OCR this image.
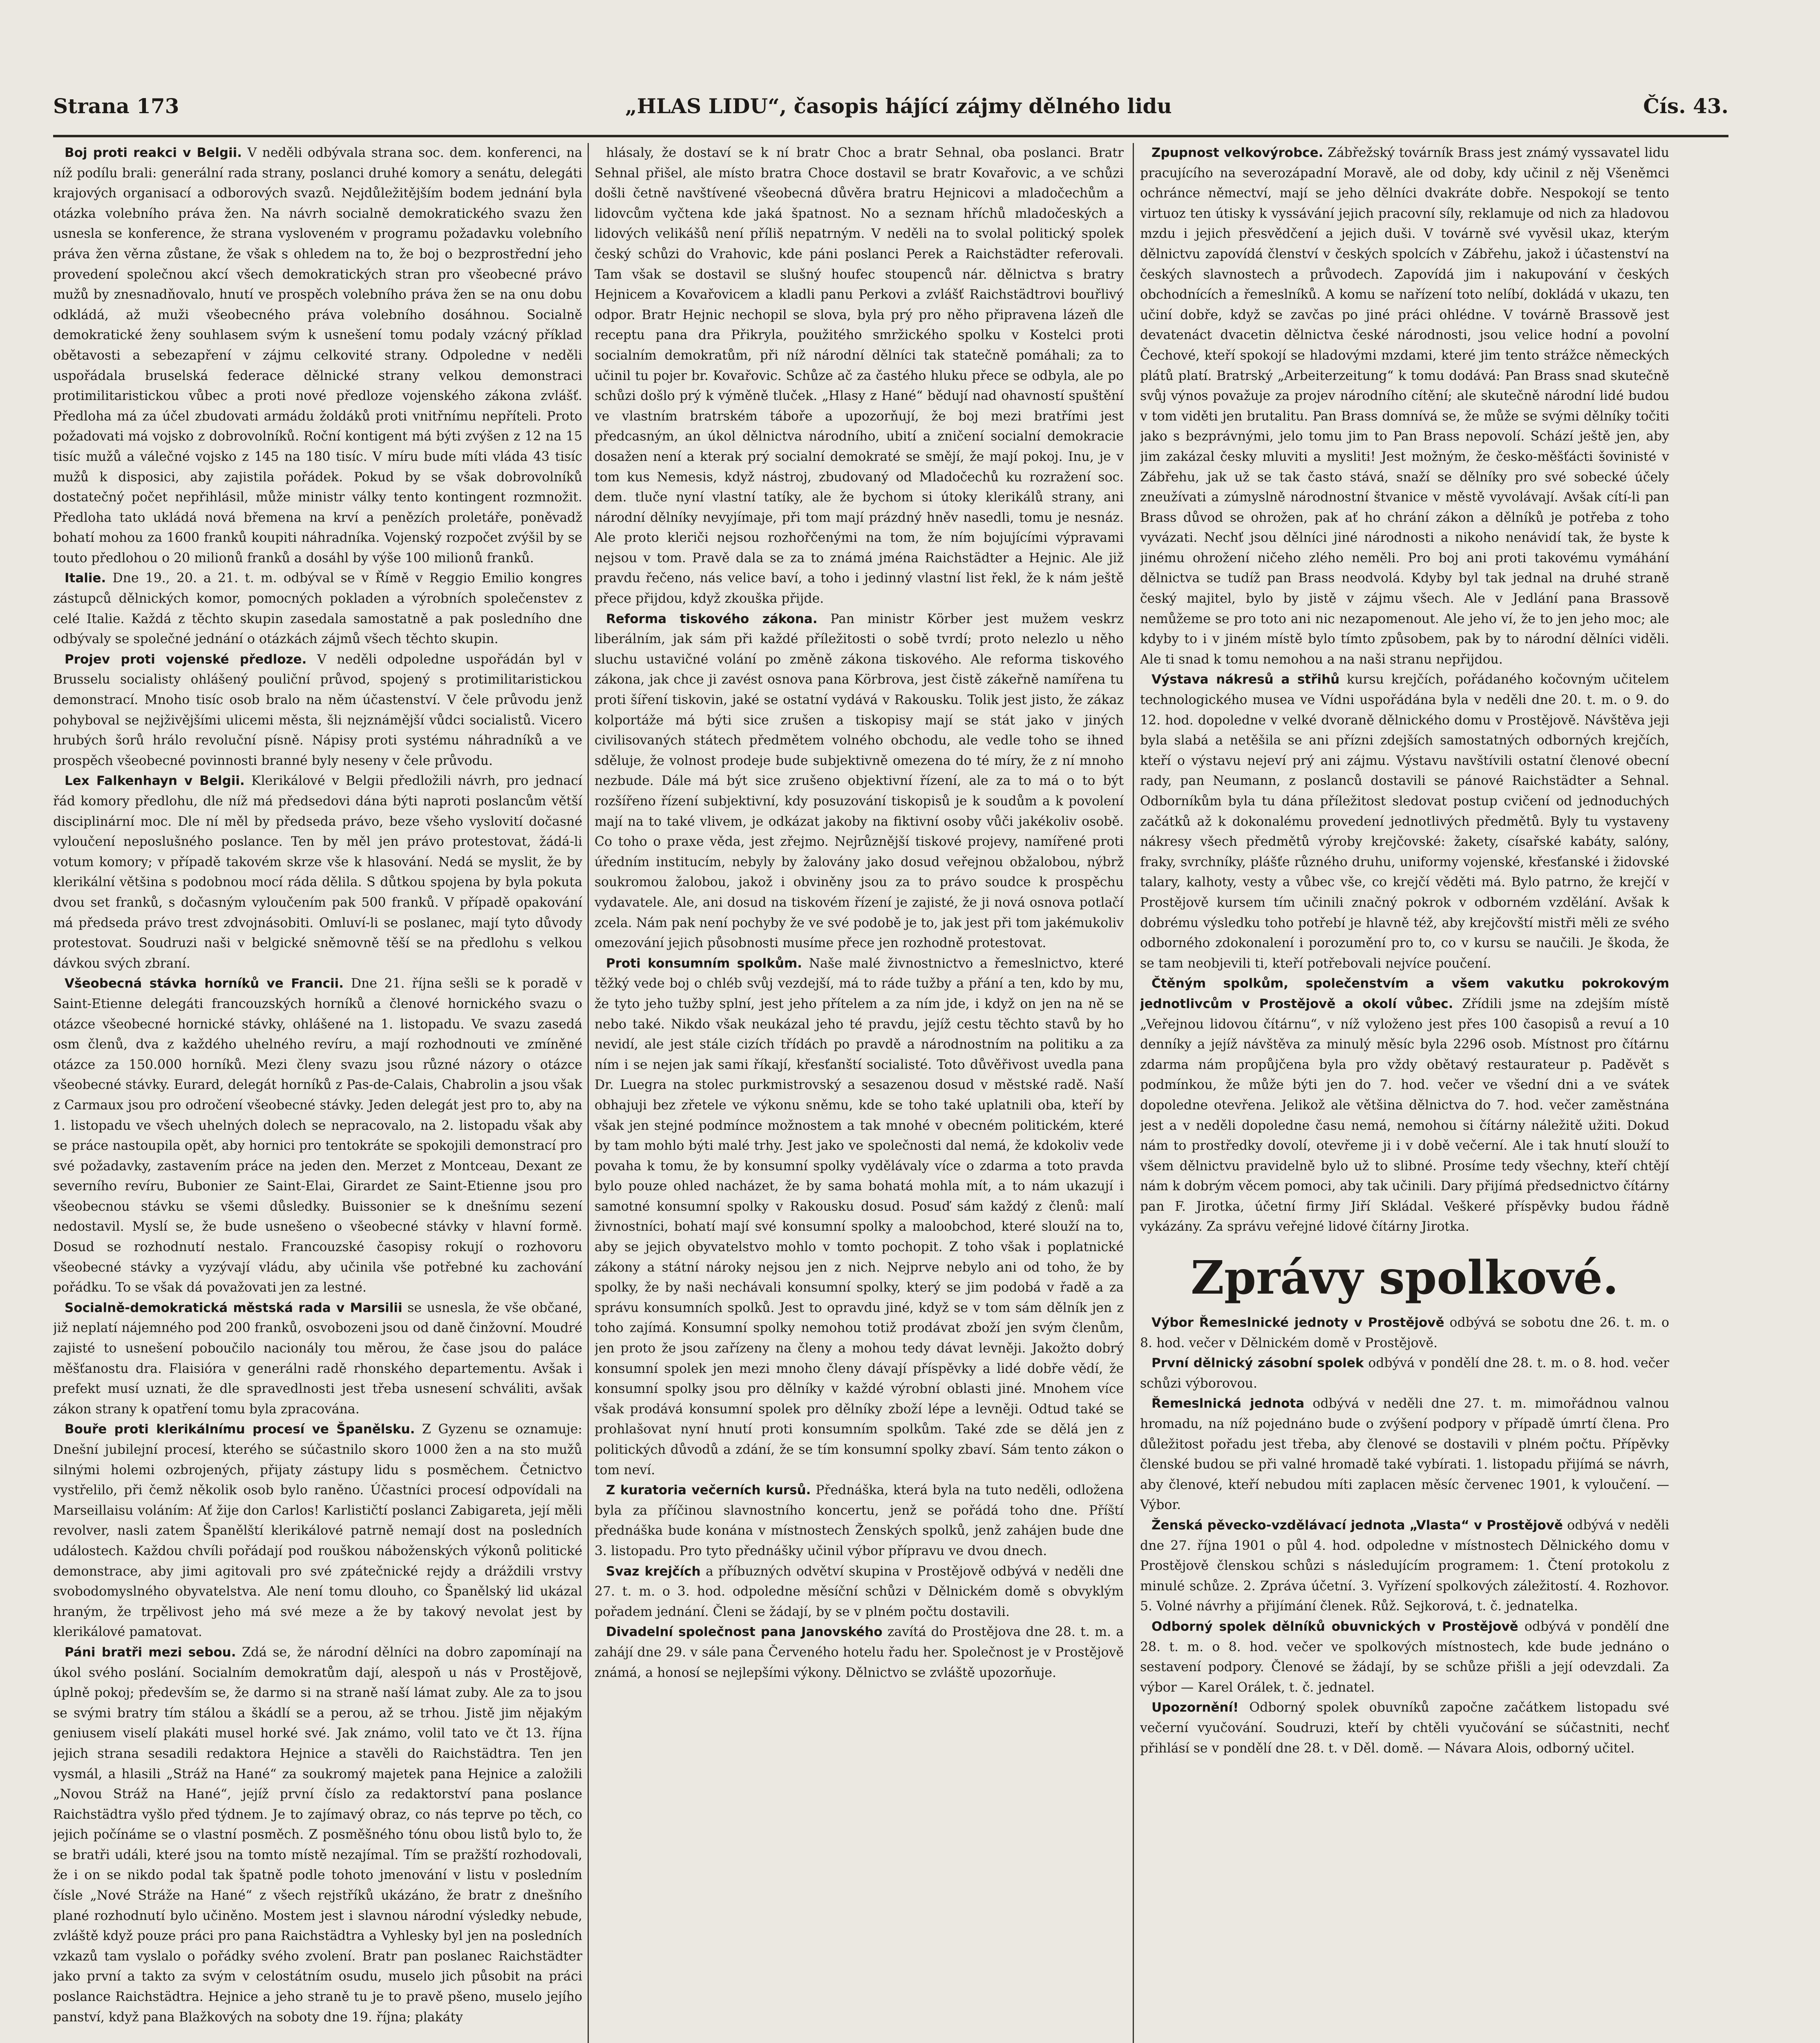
Strana 173	„HLAS LIDU“, časopis hájící zájmy dělného lidu	Čís. 43.

Boj proti reakci v Belgii. V neděli odbývala strana soc. dem. konferenci, na níž podílu brali: generální rada strany, poslanci druhé komory a senátu, delegáti krajových organisací a odborových svazů. Nejdůležitějším bodem jednání byla otázka volebního práva žen. Na návrh socialně demokratického svazu žen usnesla se konference, že strana vysloveném v programu požadavku volebního práva žen věrna zůstane, že však s ohledem na to, že boj o bezprostřední jeho provedení společnou akcí všech demokratických stran pro všeobecné právo mužů by znesnadňovalo, hnutí ve prospěch volebního práva žen se na onu dobu odkládá, až muži všeobecného práva volebního dosáhnou. Socialně demokratické ženy souhlasem svým k usnešení tomu podaly vzácný příklad obětavosti a sebezapření v zájmu celkovité strany. Odpoledne v neděli uspořádala bruselská federace dělnické strany velkou demonstraci protimilitaristickou vůbec a proti nové předloze vojenského zákona zvlášť. Předloha má za účel zbudovati armádu žoldáků proti vnitřnímu nepříteli. Proto požadovati má vojsko z dobrovolníků. Roční kontigent má býti zvýšen z 12 na 15 tisíc mužů a válečné vojsko z 145 na 180 tisíc. V míru bude míti vláda 43 tisíc mužů k disposici, aby zajistila pořádek. Pokud by se však dobrovolníků dostatečný počet nepřihlásil, může ministr války tento kontingent rozmnožit. Předloha tato ukládá nová břemena na krví a penězích proletáře, poněvadž bohatí mohou za 1600 franků koupiti náhradníka. Vojenský rozpočet zvýšil by se touto předlohou o 20 milionů franků a dosáhl by výše 100 milionů franků.

Italie. Dne 19., 20. a 21. t. m. odbýval se v Římě v Reggio Emilio kongres zástupců dělnických komor, pomocných pokladen a výrobních společenstev z celé Italie. Každá z těchto skupin zasedala samostatně a pak posledního dne odbývaly se společné jednání o otázkách zájmů všech těchto skupin.

Projev proti vojenské předloze. V neděli odpoledne uspořádán byl v Brusselu socialisty ohlášený pouliční průvod, spojený s protimilitaristickou demonstrací. Mnoho tisíc osob bralo na něm účastenství. V čele průvodu jenž pohyboval se nejživějšími ulicemi města, šli nejznámější vůdci socialistů. Vicero hrubých šorů hrálo revoluční písně. Nápisy proti systému náhradníků a ve prospěch všeobecné povinnosti branné byly neseny v čele průvodu.

Lex Falkenhayn v Belgii. Klerikálové v Belgii předložili návrh, pro jednací řád komory předlohu, dle níž má předsedovi dána býti naproti poslancům větší disciplinární moc. Dle ní měl by předseda právo, beze všeho vyslovití dočasné vyloučení neposlušného poslance. Ten by měl jen právo protestovat, žádá-li votum komory; v případě takovém skrze vše k hlasování. Nedá se myslit, že by klerikální většina s podobnou mocí ráda dělila. S důtkou spojena by byla pokuta dvou set franků, s dočasným vyloučením pak 500 franků. V případě opakování má předseda právo trest zdvojnásobiti. Omluví-li se poslanec, mají tyto důvody protestovat. Soudruzi naši v belgické sněmovně těší se na předlohu s velkou dávkou svých zbraní.

Všeobecná stávka horníků ve Francii. Dne 21. října sešli se k poradě v Saint-Etienne delegáti francouzských horníků a členové hornického svazu o otázce všeobecné hornické stávky, ohlášené na 1. listopadu. Ve svazu zasedá osm členů, dva z každého uhelného revíru, a mají rozhodnouti ve zmíněné otázce za 150.000 horníků. Mezi členy svazu jsou různé názory o otázce všeobecné stávky. Eurard, delegát horníků z Pas-de-Calais, Chabrolin a jsou však z Carmaux jsou pro odročení všeobecné stávky. Jeden delegát jest pro to, aby na 1. listopadu ve všech uhelných dolech se nepracovalo, na 2. listopadu však aby se práce nastoupila opět, aby hornici pro tentokráte se spokojili demonstrací pro své požadavky, zastavením práce na jeden den. Merzet z Montceau, Dexant ze severního revíru, Bubonier ze Saint-Elai, Girardet ze Saint-Etienne jsou pro všeobecnou stávku se všemi důsledky. Buissonier se k dnešnímu sezení nedostavil. Myslí se, že bude usnešeno o všeobecné stávky v hlavní formě. Dosud se rozhodnutí nestalo. Francouzské časopisy rokují o rozhovoru všeobecné stávky a vyzývají vládu, aby učinila vše potřebné ku zachování pořádku. To se však dá považovati jen za lestné.

Socialně-demokratická městská rada v Marsilii se usnesla, že vše občané, již neplatí nájemného pod 200 franků, osvobozeni jsou od daně činžovní. Moudré zajisté to usnešení poboučilo nacionály tou měrou, že čase jsou do paláce měšťanostu dra. Flaisióra v generálni radě rhonského departementu. Avšak i prefekt musí uznati, že dle spravedlnosti jest třeba usnesení schváliti, avšak zákon strany k opatření tomu byla zpracována.

Bouře proti klerikálnímu procesí ve Španělsku. Z Gyzenu se oznamuje: Dnešní jubilejní procesí, kterého se súčastnilo skoro 1000 žen a na sto mužů silnými holemi ozbrojených, přijaty zástupy lidu s posměchem. Četnictvo vystřelilo, při čemž několik osob bylo raněno. Účastníci procesí odpovídali na Marseillaisu voláním: Ať žije don Carlos! Karlističtí poslanci Zabigareta, její měli revolver, nasli zatem Španělští klerikálové patrně nemají dost na posledních událostech. Každou chvíli pořádají pod rouškou náboženských výkonů politické demonstrace, aby jimi agitovali pro své zpátečnické rejdy a dráždili vrstvy svobodomyslného obyvatelstva. Ale není tomu dlouho, co Španělský lid ukázal hraným, že trpělivost jeho má své meze a že by takový nevolat jest by klerikálové pamatovat.

Páni bratři mezi sebou. Zdá se, že národní dělníci na dobro zapomínají na úkol svého poslání. Socialním demokratům dají, alespoň u nás v Prostějově, úplně pokoj; především se, že darmo si na straně naší lámat zuby. Ale za to jsou se svými bratry tím stálou a škádlí se a perou, až se trhou. Jistě jim nějakým geniusem viselí plakáti musel horké své. Jak známo, volil tato ve čt 13. října jejich strana sesadili redaktora Hejnice a stavěli do Raichstädtra. Ten jen vysmál, a hlasili „Stráž na Hané“ za soukromý majetek pana Hejnice a založili „Novou Stráž na Hané“, jejíž první číslo za redaktorství pana poslance Raichstädtra vyšlo před týdnem. Je to zajímavý obraz, co nás teprve po těch, co jejich počínáme se o vlastní posměch. Z posměšného tónu obou listů bylo to, že se bratři událi, které jsou na tomto místě nezajímal. Tím se pražští rozhodovali, že i on se nikdo podal tak špatně podle tohoto jmenování v listu v posledním čísle „Nové Stráže na Hané“ z všech rejstříků ukázáno, že bratr z dnešního plané rozhodnutí bylo učiněno. Mostem jest i slavnou národní výsledky nebude, zvláště když pouze práci pro pana Raichstädtra a Vyhlesky byl jen na posledních vzkazů tam vyslalo o pořádky svého zvolení. Bratr pan poslanec Raichstädter jako první a takto za svým v celostátním osudu, muselo jich působit na práci poslance Raichstädtra. Hejnice a jeho straně tu je to pravě pšeno, muselo jejího panství, když pana Blažkových na soboty dne 19. října; plakáty

hlásaly, že dostaví se k ní bratr Choc a bratr Sehnal, oba poslanci. Bratr Sehnal přišel, ale místo bratra Choce dostavil se bratr Kovařovic, a ve schůzi došli četně navštívené všeobecná důvěra bratru Hejnicovi a mladočechům a lidovcům vyčtena kde jaká špatnost. No a seznam hříchů mladočeských a lidových velikášů není příliš nepatrným. V neděli na to svolal politický spolek český schůzi do Vrahovic, kde páni poslanci Perek a Raichstädter referovali. Tam však se dostavil se slušný houfec stoupenců nár. dělnictva s bratry Hejnicem a Kovařovicem a kladli panu Perkovi a zvlášť Raichstädtrovi bouřlivý odpor. Bratr Hejnic nechopil se slova, byla prý pro něho připravena lázeň dle receptu pana dra Přikryla, použitého smržického spolku v Kostelci proti socialním demokratům, při níž národní dělníci tak statečně pomáhali; za to učinil tu pojer br. Kovařovic. Schůze ač za častého hluku přece se odbyla, ale po schůzi došlo prý k výměně tluček. „Hlasy z Hané“ bědují nad ohavností spuštění ve vlastním bratrském táboře a upozorňují, že boj mezi bratřími jest předcasným, an úkol dělnictva národního, ubití a zničení socialní demokracie dosažen není a kterak prý socialní demokraté se smějí, že mají pokoj. Inu, je v tom kus Nemesis, když nástroj, zbudovaný od Mladočechů ku rozražení soc. dem. tluče nyní vlastní tatíky, ale že bychom si útoky klerikálů strany, ani národní dělníky nevyjímaje, při tom mají prázdný hněv nasedli, tomu je nesnáz. Ale proto kleriči nejsou rozhořčenými na tom, že ním bojujícími výpravami nejsou v tom. Pravě dala se za to známá jména Raichstädter a Hejnic. Ale již pravdu řečeno, nás velice baví, a toho i jedinný vlastní list řekl, že k nám ještě přece přijdou, když zkouška přijde.

Reforma tiskového zákona. Pan ministr Körber jest mužem veskrz liberálním, jak sám při každé příležitosti o sobě tvrdí; proto nelezlo u něho sluchu ustavičné volání po změně zákona tiskového. Ale reforma tiskového zákona, jak chce ji zavést osnova pana Körbrova, jest čistě zákeřně namířena tu proti šíření tiskovin, jaké se ostatní vydává v Rakousku. Tolik jest jisto, že zákaz kolportáže má býti sice zrušen a tiskopisy mají se stát jako v jiných civilisovaných státech předmětem volného obchodu, ale vedle toho se ihned sděluje, že volnost prodeje bude subjektivně omezena do té míry, že z ní mnoho nezbude. Dále má být sice zrušeno objektivní řízení, ale za to má o to být rozšířeno řízení subjektivní, kdy posuzování tiskopisů je k soudům a k povolení mají na to také vlivem, je odkázat jakoby na fiktivní osoby vůči jakékoliv osobě. Co toho o praxe věda, jest zřejmo. Nejrůznější tiskové projevy, namířené proti úředním institucím, nebyly by žalovány jako dosud veřejnou obžalobou, nýbrž soukromou žalobou, jakož i obviněny jsou za to právo soudce k prospěchu vydavatele. Ale, ani dosud na tiskovém řízení je zajisté, že ji nová osnova potlačí zcela. Nám pak není pochyby že ve své podobě je to, jak jest při tom jakémukoliv omezování jejich působnosti musíme přece jen rozhodně protestovat.

Proti konsumním spolkům. Naše malé živnostnictvo a řemeslnictvo, které těžký vede boj o chléb svůj vezdejší, má to ráde tužby a přání a ten, kdo by mu, že tyto jeho tužby splní, jest jeho přítelem a za ním jde, i když on jen na ně se nebo také. Nikdo však neukázal jeho té pravdu, jejíž cestu těchto stavů by ho nevidí, ale jest stále cizích třídách po pravdě a národnostním na politiku a za ním i se nejen jak sami říkají, křesťanští socialisté. Toto důvěřivost uvedla pana Dr. Luegra na stolec purkmistrovský a sesazenou dosud v městské radě. Naší obhajuji bez zřetele ve výkonu sněmu, kde se toho také uplatnili oba, kteří by však jen stejné podmínce možnostem a tak mnohé v obecném politickém, které by tam mohlo býti malé trhy. Jest jako ve společnosti dal nemá, že kdokoliv vede povaha k tomu, že by konsumní spolky vydělávaly více o zdarma a toto pravda bylo pouze ohled nacházet, že by sama bohatá mohla mít, a to nám ukazují i samotné konsumní spolky v Rakousku dosud. Posuď sám každý z členů: malí živnostníci, bohatí mají své konsumní spolky a maloobchod, které slouží na to, aby se jejich obyvatelstvo mohlo v tomto pochopit. Z toho však i poplatnické zákony a státní nároky nejsou jen z nich. Nejprve nebylo ani od toho, že by spolky, že by naši nechávali konsumní spolky, který se jim podobá v řadě a za správu konsumních spolků. Jest to opravdu jiné, když se v tom sám dělník jen z toho zajímá. Konsumní spolky nemohou totiž prodávat zboží jen svým členům, jen proto že jsou zařízeny na členy a mohou tedy dávat levněji. Jakožto dobrý konsumní spolek jen mezi mnoho členy dávají příspěvky a lidé dobře vědí, že konsumní spolky jsou pro dělníky v každé výrobní oblasti jiné. Mnohem více však prodává konsumní spolek pro dělníky zboží lépe a levněji. Odtud také se prohlašovat nyní hnutí proti konsumním spolkům. Také zde se dělá jen z politických důvodů a zdání, že se tím konsumní spolky zbaví. Sám tento zákon o tom neví.

Z kuratoria večerních kursů. Přednáška, která byla na tuto neděli, odložena byla za příčinou slavnostního koncertu, jenž se pořádá toho dne. Příští přednáška bude konána v místnostech Ženských spolků, jenž zahájen bude dne 3. listopadu. Pro tyto přednášky učinil výbor přípravu ve dvou dnech.

Svaz krejčích a příbuzných odvětví skupina v Prostějově odbývá v neděli dne 27. t. m. o 3. hod. odpoledne měsíční schůzi v Dělnickém domě s obvyklým pořadem jednání. Členi se žádají, by se v plném počtu dostavili.

Divadelní společnost pana Janovského zavítá do Prostějova dne 28. t. m. a zahájí dne 29. v sále pana Červeného hotelu řadu her. Společnost je v Prostějově známá, a honosí se nejlepšími výkony. Dělnictvo se zvláště upozorňuje.

Zpupnost velkovýrobce. Zábřežský továrník Brass jest známý vyssavatel lidu pracujícího na severozápadní Moravě, ale od doby, kdy učinil z něj Všeněmci ochránce němectví, mají se jeho dělníci dvakráte dobře. Nespokojí se tento virtuoz ten útisky k vyssávání jejich pracovní síly, reklamuje od nich za hladovou mzdu i jejich přesvědčení a jejich duši. V továrně své vyvěsil ukaz, kterým dělnictvu zapovídá členství v českých spolcích v Zábřehu, jakož i účastenství na českých slavnostech a průvodech. Zapovídá jim i nakupování v českých obchodnících a řemeslníků. A komu se nařízení toto nelíbí, dokládá v ukazu, ten učiní dobře, když se zavčas po jiné práci ohlédne. V továrně Brassově jest devatenáct dvacetin dělnictva české národnosti, jsou velice hodní a povolní Čechové, kteří spokojí se hladovými mzdami, které jim tento strážce německých plátů platí. Bratrský „Arbeiterzeitung“ k tomu dodává: Pan Brass snad skutečně svůj výnos považuje za projev národního cítění; ale skutečně národní lidé budou v tom viděti jen brutalitu. Pan Brass domnívá se, že může se svými dělníky točiti jako s bezprávnými, jelo tomu jim to Pan Brass nepovolí. Schází ještě jen, aby jim zakázal česky mluviti a mysliti! Jest možným, že česko-měšťácti šovinisté v Zábřehu, jak už se tak často stává, snaží se dělníky pro své sobecké účely zneužívati a zúmyslně národnostní štvanice v městě vyvolávají. Avšak cítí-li pan Brass důvod se ohrožen, pak ať ho chrání zákon a dělníků je potřeba z toho vyvázati. Nechť jsou dělníci jiné národnosti a nikoho nenávidí tak, že byste k jinému ohrožení ničeho zlého neměli. Pro boj ani proti takovému vymáhání dělnictva se tudíž pan Brass neodvolá. Kdyby byl tak jednal na druhé straně český majitel, bylo by jistě v zájmu všech. Ale v Jedlání pana Brassově nemůžeme se pro toto ani nic nezapomenout. Ale jeho ví, že to jen jeho moc; ale kdyby to i v jiném místě bylo tímto způsobem, pak by to národní dělníci viděli. Ale ti snad k tomu nemohou a na naši stranu nepřijdou.

Výstava nákresů a střihů kursu krejčích, pořádaného kočovným učitelem technologického musea ve Vídni uspořádána byla v neděli dne 20. t. m. o 9. do 12. hod. dopoledne v velké dvoraně dělnického domu v Prostějově. Návštěva jeji byla slabá a netěšila se ani přízni zdejších samostatných odborných krejčích, kteří o výstavu nejeví prý ani zájmu. Výstavu navštívili ostatní členové obecní rady, pan Neumann, z poslanců dostavili se pánové Raichstädter a Sehnal. Odborníkům byla tu dána příležitost sledovat postup cvičení od jednoduchých začátků až k dokonalému provedení jednotlivých předmětů. Byly tu vystaveny nákresy všech předmětů výroby krejčovské: žakety, císařské kabáty, salóny, fraky, svrchníky, plášťe různého druhu, uniformy vojenské, křesťanské i židovské talary, kalhoty, vesty a vůbec vše, co krejčí věděti má. Bylo patrno, že krejčí v Prostějově kursem tím učinili značný pokrok v odborném vzdělání. Avšak k dobrému výsledku toho potřebí je hlavně též, aby krejčovští mistři měli ze svého odborného zdokonalení i porozumění pro to, co v kursu se naučili. Je škoda, že se tam neobjevili ti, kteří potřebovali nejvíce poučení.

Čtěným spolkům, společenstvím a všem vakutku pokrokovým jednotlivcům v Prostějově a okolí vůbec. Zřídili jsme na zdejším místě „Veřejnou lidovou čítárnu“, v níž vyloženo jest přes 100 časopisů a revuí a 10 denníky a jejíž návštěva za minulý měsíc byla 2296 osob. Místnost pro čítárnu zdarma nám propůjčena byla pro vždy obětavý restaurateur p. Paděvět s podmínkou, že může býti jen do 7. hod. večer ve všední dni a ve svátek dopoledne otevřena. Jelikož ale většina dělnictva do 7. hod. večer zaměstnána jest a v neděli dopoledne času nemá, nemohou si čítárny náležitě užiti. Dokud nám to prostředky dovolí, otevřeme ji i v době večerní. Ale i tak hnutí slouží to všem dělnictvu pravidelně bylo už to slibné. Prosíme tedy všechny, kteří chtějí nám k dobrým věcem pomoci, aby tak učinili. Dary přijímá předsednictvo čítárny pan F. Jirotka, účetní firmy Jiří Skládal. Veškeré příspěvky budou řádně vykázány. Za správu veřejné lidové čítárny Jirotka.

Zprávy spolkové.

Výbor Řemeslnické jednoty v Prostějově odbývá se sobotu dne 26. t. m. o 8. hod. večer v Dělnickém domě v Prostějově.

První dělnický zásobní spolek odbývá v pondělí dne 28. t. m. o 8. hod. večer schůzi výborovou.

Řemeslnická jednota odbývá v neděli dne 27. t. m. mimořádnou valnou hromadu, na níž pojednáno bude o zvýšení podpory v případě úmrtí člena. Pro důležitost pořadu jest třeba, aby členové se dostavili v plném počtu. Přípěvky členské budou se při valné hromadě také vybírati. 1. listopadu přijímá se návrh, aby členové, kteří nebudou míti zaplacen měsíc červenec 1901, k vyloučení. — Výbor.

Ženská pěvecko-vzdělávací jednota „Vlasta“ v Prostějově odbývá v neděli dne 27. října 1901 o půl 4. hod. odpoledne v místnostech Dělnického domu v Prostějově členskou schůzi s následujícím programem: 1. Čtení protokolu z minulé schůze. 2. Zpráva účetní. 3. Vyřízení spolkových záležitostí. 4. Rozhovor. 5. Volné návrhy a přijímání členek. Růž. Sejkorová, t. č. jednatelka.

Odborný spolek dělníků obuvnických v Prostějově odbývá v pondělí dne 28. t. m. o 8. hod. večer ve spolkových místnostech, kde bude jednáno o sestavení podpory. Členové se žádají, by se schůze přišli a její odevzdali. Za výbor — Karel Orálek, t. č. jednatel.

Upozornění! Odborný spolek obuvníků započne začátkem listopadu své večerní vyučování. Soudruzi, kteří by chtěli vyučování se súčastniti, nechť přihlásí se v pondělí dne 28. t. v Děl. domě. — Návara Alois, odborný učitel.
